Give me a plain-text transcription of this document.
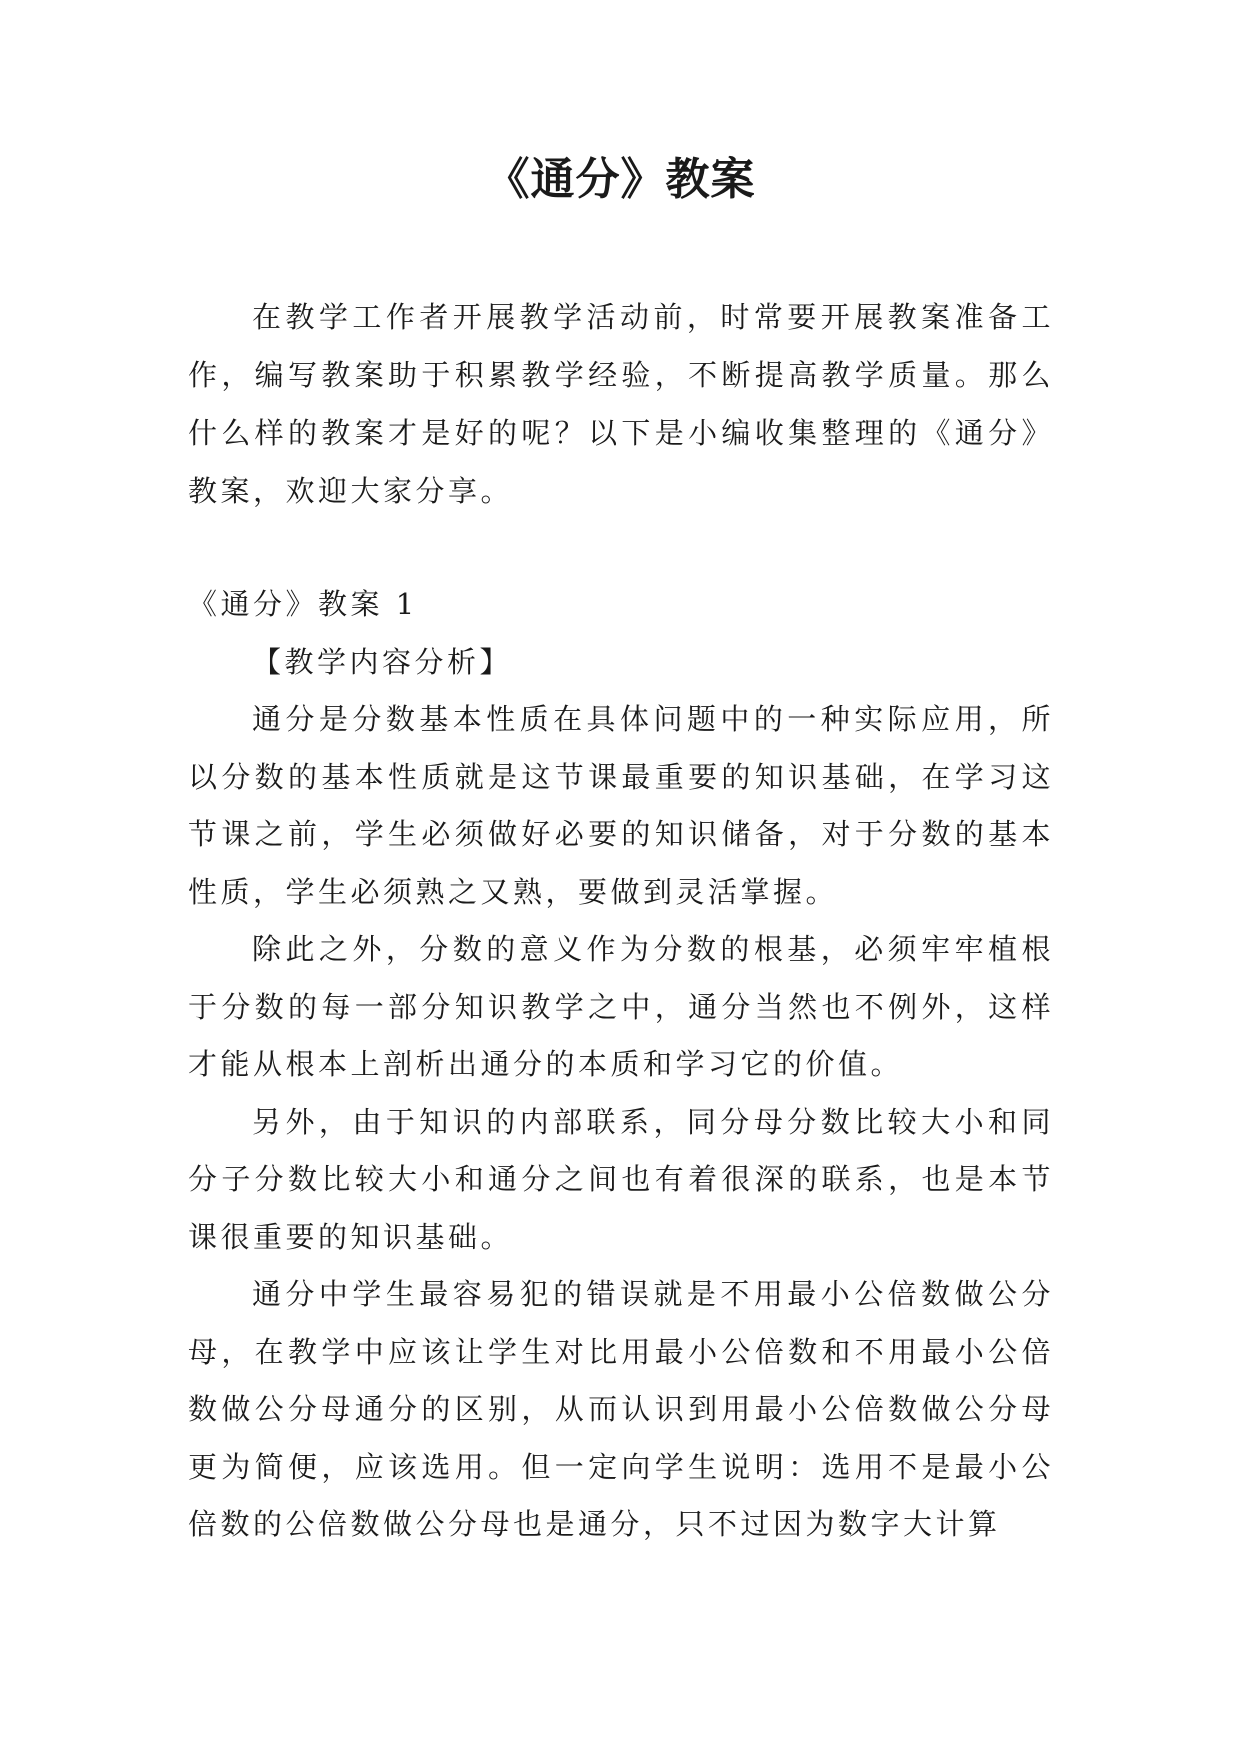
《通分》教案

在教学工作者开展教学活动前，时常要开展教案准备工作，编写教案助于积累教学经验，不断提高教学质量。那么什么样的教案才是好的呢？以下是小编收集整理的《通分》教案，欢迎大家分享。

《通分》教案 1

【教学内容分析】

通分是分数基本性质在具体问题中的一种实际应用，所以分数的基本性质就是这节课最重要的知识基础，在学习这节课之前，学生必须做好必要的知识储备，对于分数的基本性质，学生必须熟之又熟，要做到灵活掌握。

除此之外，分数的意义作为分数的根基，必须牢牢植根于分数的每一部分知识教学之中，通分当然也不例外，这样才能从根本上剖析出通分的本质和学习它的价值。

另外，由于知识的内部联系，同分母分数比较大小和同分子分数比较大小和通分之间也有着很深的联系，也是本节课很重要的知识基础。

通分中学生最容易犯的错误就是不用最小公倍数做公分母，在教学中应该让学生对比用最小公倍数和不用最小公倍数做公分母通分的区别，从而认识到用最小公倍数做公分母更为简便，应该选用。但一定向学生说明：选用不是最小公倍数的公倍数做公分母也是通分，只不过因为数字大计算
